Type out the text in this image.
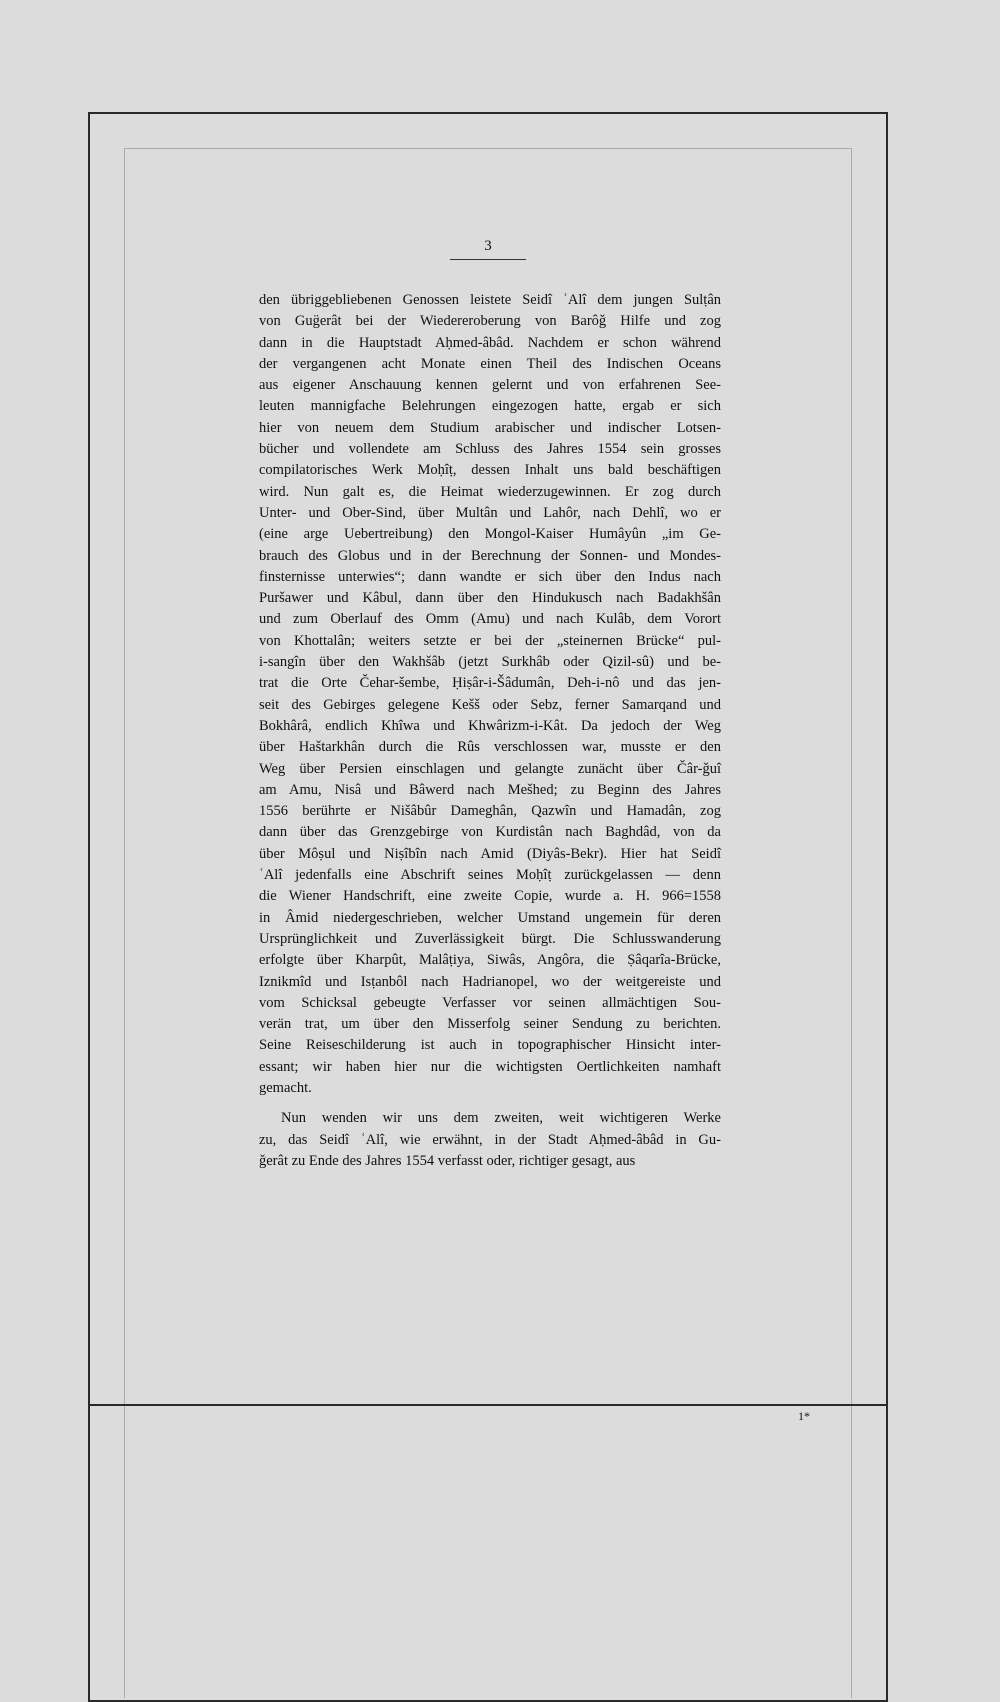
3
den übriggebliebenen Genossen leistete Seidî ʿAlî dem jungen Sulṭân
von Gug̈erât bei der Wiedereroberung von Barôǧ Hilfe und zog
dann in die Hauptstadt Aḥmed-âbâd. Nachdem er schon während
der vergangenen acht Monate einen Theil des Indischen Oceans
aus eigener Anschauung kennen gelernt und von erfahrenen See-
leuten mannigfache Belehrungen eingezogen hatte, ergab er sich
hier von neuem dem Studium arabischer und indischer Lotsen-
bücher und vollendete am Schluss des Jahres 1554 sein grosses
compilatorisches Werk Moḥîṭ, dessen Inhalt uns bald beschäftigen
wird. Nun galt es, die Heimat wiederzugewinnen. Er zog durch
Unter- und Ober-Sind, über Multân und Lahôr, nach Dehlî, wo er
(eine arge Uebertreibung) den Mongol-Kaiser Humâyûn „im Ge-
brauch des Globus und in der Berechnung der Sonnen- und Mondes-
finsternisse unterwies“; dann wandte er sich über den Indus nach
Puršawer und Kâbul, dann über den Hindukusch nach Badakhšân
und zum Oberlauf des Omm (Amu) und nach Kulâb, dem Vorort
von Khottalân; weiters setzte er bei der „steinernen Brücke“ pul-
i-sangîn über den Wakhšâb (jetzt Surkhâb oder Qizil-sû) und be-
trat die Orte Čehar-šembe, Ḥiṣâr-i-Šâdumân, Deh-i-nô und das jen-
seit des Gebirges gelegene Kešš oder Sebz, ferner Samarqand und
Bokhârâ, endlich Khîwa und Khwârizm-i-Kât. Da jedoch der Weg
über Haštarkhân durch die Rûs verschlossen war, musste er den
Weg über Persien einschlagen und gelangte zunächt über Čâr-ǧuî
am Amu, Nisâ und Bâwerd nach Mešhed; zu Beginn des Jahres
1556 berührte er Nišâbûr Dameghân, Qazwîn und Hamadân, zog
dann über das Grenzgebirge von Kurdistân nach Baghdâd, von da
über Môṣul und Niṣîbîn nach Amid (Diyâs-Bekr). Hier hat Seidî
ʿAlî jedenfalls eine Abschrift seines Moḥîṭ zurückgelassen — denn
die Wiener Handschrift, eine zweite Copie, wurde a. H. 966=1558
in Âmid niedergeschrieben, welcher Umstand ungemein für deren
Ursprünglichkeit und Zuverlässigkeit bürgt. Die Schlusswanderung
erfolgte über Kharpût, Malâṭiya, Siwâs, Angôra, die Ṣâqarîa-Brücke,
Iznikmîd und Isṭanbôl nach Hadrianopel, wo der weitgereiste und
vom Schicksal gebeugte Verfasser vor seinen allmächtigen Sou-
verän trat, um über den Misserfolg seiner Sendung zu berichten.
Seine Reiseschilderung ist auch in topographischer Hinsicht inter-
essant; wir haben hier nur die wichtigsten Oertlichkeiten namhaft
gemacht.
Nun wenden wir uns dem zweiten, weit wichtigeren Werke
zu, das Seidî ʿAlî, wie erwähnt, in der Stadt Aḥmed-âbâd in Gu-
ǧerât zu Ende des Jahres 1554 verfasst oder, richtiger gesagt, aus
1*
